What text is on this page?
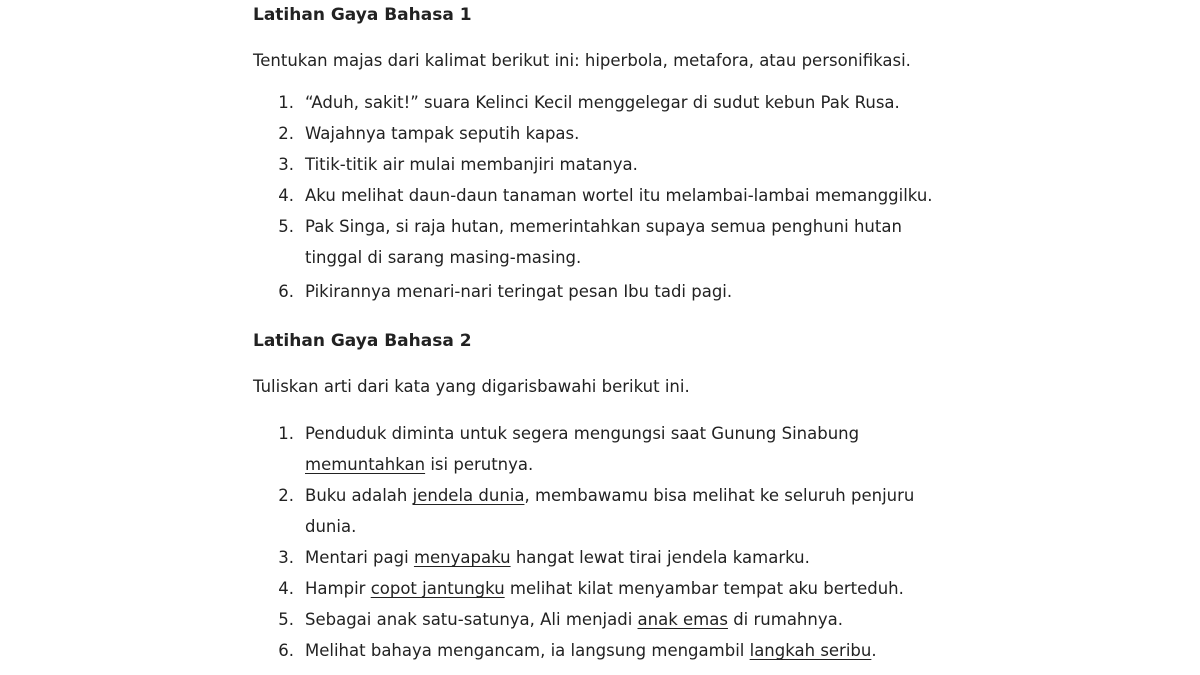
Latihan Gaya Bahasa 1
Tentukan majas dari kalimat berikut ini: hiperbola, metafora, atau personifikasi.
1. “Aduh, sakit!” suara Kelinci Kecil menggelegar di sudut kebun Pak Rusa.
2. Wajahnya tampak seputih kapas.
3. Titik-titik air mulai membanjiri matanya.
4. Aku melihat daun-daun tanaman wortel itu melambai-lambai memanggilku.
5. Pak Singa, si raja hutan, memerintahkan supaya semua penghuni hutan
tinggal di sarang masing-masing.
6. Pikirannya menari-nari teringat pesan Ibu tadi pagi.
Latihan Gaya Bahasa 2
Tuliskan arti dari kata yang digarisbawahi berikut ini.
1. Penduduk diminta untuk segera mengungsi saat Gunung Sinabung
memuntahkan isi perutnya.
2. Buku adalah jendela dunia, membawamu bisa melihat ke seluruh penjuru
dunia.
3. Mentari pagi menyapaku hangat lewat tirai jendela kamarku.
4. Hampir copot jantungku melihat kilat menyambar tempat aku berteduh.
5. Sebagai anak satu-satunya, Ali menjadi anak emas di rumahnya.
6. Melihat bahaya mengancam, ia langsung mengambil langkah seribu.
